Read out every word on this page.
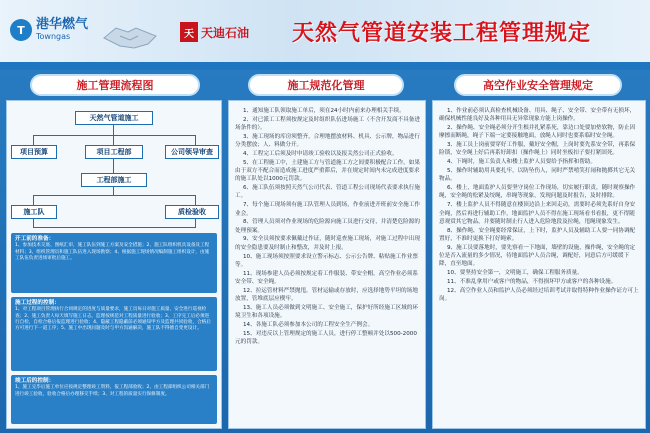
T 港华燃气
Towngas	天 天迪石油 天然气管道安装工程管理规定
施工管理流程图
天然气管道施工
项目预算	项目工程部	公司领导审查
工程部施工
施工队	质检验收
开工前的准备：
1、参加技术交底、图纸汇审，施工队伍到施工方案及安全措施；2、施工队组织机具设备及工程材料；3、组织管理员和施工队伍进入现场勘察；4、根据施工现场情况编制施工组织设计，由施工队伍负责进场审批后施工。
施工过程的控制：
1、对工程项目管理执行合同规定的进度与质量要求，施工员每日对施工质量、安全进行巡视检查；2、施工负责人每天填写施工日志，监理按规范对工程质量进行验收；3、工序完工后必须进行自检，自检合格后报监理进行验收；4、隐蔽工程隐蔽前必须通知甲方及监理共同验收，合格后方可进行下一道工序；5、施工中出现问题及时与甲方沟通解决，施工队不得擅自变更设计。
竣工后的控制：
1、施工完毕后施工单位应按规定整理竣工资料，报工程部验收；2、由工程部组织公司相关部门进行竣工验收，验收合格后办理移交手续；3、对工程的质量实行保修制度。
施工规范化管理

1、通知施工队领取施工单后，须在24小时内前来办理相关手续。

2、对已派工工程须按规定及时组织队伍进场施工（不含开发商不具备进场条件的）。

3、施工现场的库房须整齐，合理地摆放材料、机具、公示牌，物品进行分类摆放；人、料做分开。

4、工程完工后须及时申请竣工验收以及报关然公司正式验收。

5、在工程施工中，土建施工方与管道施工方之间要积极配合工作，如果由于双方不配合而造成施工进度严重滞后，并在规定时间内未完成进度要求的施工队处以1000元罚款。

6、施工队伍须按照天然气公司代表、管道工程公司现场代表要求执行施工。

7、每个施工现场须有施工队管理人员到场，作业前进开班前安全施工作业会。

8、管理人员须对作业现场的危险源向施工员进行交待，并清楚危险源的处理预案。

9、安全员须按要求佩戴过作证，随时巡查施工现场，对施工过程中出现的安全隐患要及时制止和整改，并及时上报。

10、施工现场须按照要求设立警示标志、公示公告牌、粘贴施工作业票等。

11、现场参建人员必须按规定着工作服装、带安全帽。高空作业必须系安全带、安全绳。

12、拉运管材料严禁抛甩，管材运输或存放时，应选择地势平坦的场地放置，管堆底层应楔牢。

13、施工人员必须做到文明施工、安全施工，保护好所经施工区域的环境卫生和各项设施。

14、各施工队必须参加本公司的工程安全生产例会。

15、对违反以上管理规定的施工人员，进行停工整顿并处以500-2000元的罚款。

高空作业安全管理规定

1、作业前必须认真检查机械设备、用具、绳子、安全带、安全带有无损坏，确保机械性能良好及各种用具无异常现象方能上岗操作。

2、操作绳、安全绳必须分开生根并扎紧系死，靠边口处要加垫软物，防止因摩擦而断绳，绳子下端一定要接触地面，放绳人同时也要系临时安全绳。

3、施工员上岗前要穿好工作服，戴好安全帽，上岗时要先系安全带，再系保险锁，安全绳上好后再系好卸扣（操作绳上）同时坐板扣子要打紧固死。

4、下绳时，施工负责人和楼上监护人员要给予指挥和帮助。

5、操作时辅助用具要扎牢，以防坠伤人，同时严禁嘻笑打闹和抛掷其它无关物品。

6、楼上，地面监护人员要坚守岗位工作现场，切实履行职责，随时观察操作绳，安全绳的松紧及绞绳，串绳等现象，发现问题及时报告，及时排除。

7、楼上监护人员不得随意在楼顶边沿上来回走动，需要时必须先系好自身安全绳，然后再进行辅助工作，地面监护人员不得在施工现场看书看报，更不得随意观赏其它物品，并要随时制止行人进入危险地段及拉绳，甩绳现象发生。

8、操作绳、安全绳要经常保证，上下时，监护人员及辅助工人要一同协调配置好，不准时更换下打好绳索。

9、施工员要落地时，要先察看一下地面，墙壁的设施，操作绳，安全绳的定位是否入流量的多少情况，待地面监护人员合绳，调配好，同意后方可缓缓下降，直至地面。

10、要坚持安全第一，文明施工，确保工程服务质量。

11、不准乱拿用户或客户的物品，不得损坏甲方或客户的各种设施。

12、高空作业人员和监护人员必须经过培训考试并取得特种作业操作证方可上岗。
